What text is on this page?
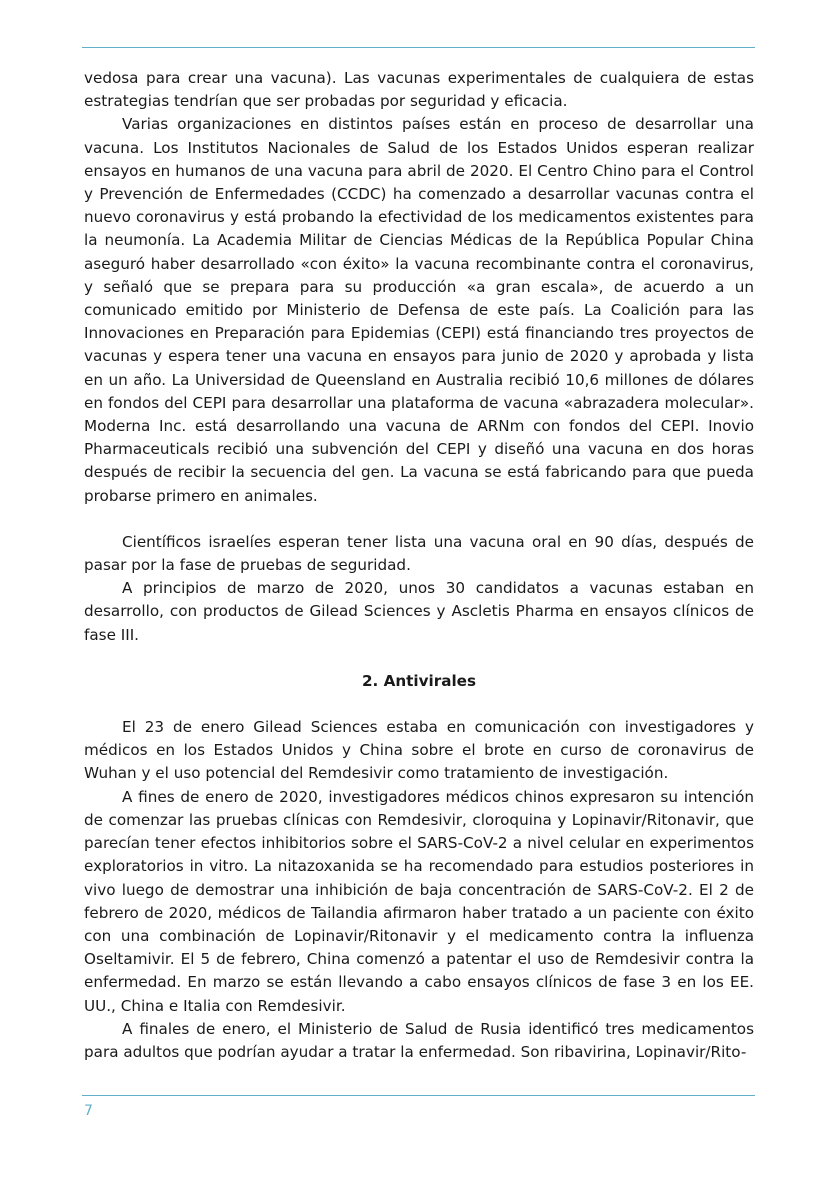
vedosa para crear una vacuna). Las vacunas experimentales de cualquiera de estas estrategias tendrían que ser probadas por seguridad y eficacia.

Varias organizaciones en distintos países están en proceso de desarrollar una vacuna. Los Institutos Nacionales de Salud de los Estados Unidos esperan realizar ensayos en humanos de una vacuna para abril de 2020. El Centro Chino para el Control y Prevención de Enfermedades (CCDC) ha comenzado a desarrollar vacunas contra el nuevo coronavirus y está probando la efectividad de los medicamentos existentes para la neumonía. La Academia Militar de Ciencias Médicas de la República Popular China aseguró haber desarrollado «con éxito» la vacuna recombinante contra el coronavirus, y señaló que se prepara para su producción «a gran escala», de acuerdo a un comunicado emitido por Ministerio de Defensa de este país. La Coalición para las Innovaciones en Preparación para Epidemias (CEPI) está financiando tres proyectos de vacunas y espera tener una vacuna en ensayos para junio de 2020 y aprobada y lista en un año. La Universidad de Queensland en Australia recibió 10,6 millones de dólares en fondos del CEPI para desarrollar una plataforma de vacuna «abrazadera molecular». Moderna Inc. está desarrollando una vacuna de ARNm con fondos del CEPI. Inovio Pharmaceuticals recibió una subvención del CEPI y diseñó una vacuna en dos horas después de recibir la secuencia del gen. La vacuna se está fabricando para que pueda probarse primero en animales.

Científicos israelíes esperan tener lista una vacuna oral en 90 días, después de pasar por la fase de pruebas de seguridad.

A principios de marzo de 2020, unos 30 candidatos a vacunas estaban en desarrollo, con productos de Gilead Sciences y Ascletis Pharma en ensayos clínicos de fase III.

2. Antivirales

El 23 de enero Gilead Sciences estaba en comunicación con investigadores y médicos en los Estados Unidos y China sobre el brote en curso de coronavirus de Wuhan y el uso potencial del Remdesivir como tratamiento de investigación.

A fines de enero de 2020, investigadores médicos chinos expresaron su intención de comenzar las pruebas clínicas con Remdesivir, cloroquina y Lopinavir/Ritonavir, que parecían tener efectos inhibitorios sobre el SARS-CoV-2 a nivel celular en experimentos exploratorios in vitro. La nitazoxanida se ha recomendado para estudios posteriores in vivo luego de demostrar una inhibición de baja concentración de SARS-CoV-2. El 2 de febrero de 2020, médicos de Tailandia afirmaron haber tratado a un paciente con éxito con una combinación de Lopinavir/Ritonavir y el medicamento contra la influenza Oseltamivir. El 5 de febrero, China comenzó a patentar el uso de Remdesivir contra la enfermedad. En marzo se están llevando a cabo ensayos clínicos de fase 3 en los EE. UU., China e Italia con Remdesivir.

A finales de enero, el Ministerio de Salud de Rusia identificó tres medicamentos para adultos que podrían ayudar a tratar la enfermedad. Son ribavirina, Lopinavir/Rito-

7
